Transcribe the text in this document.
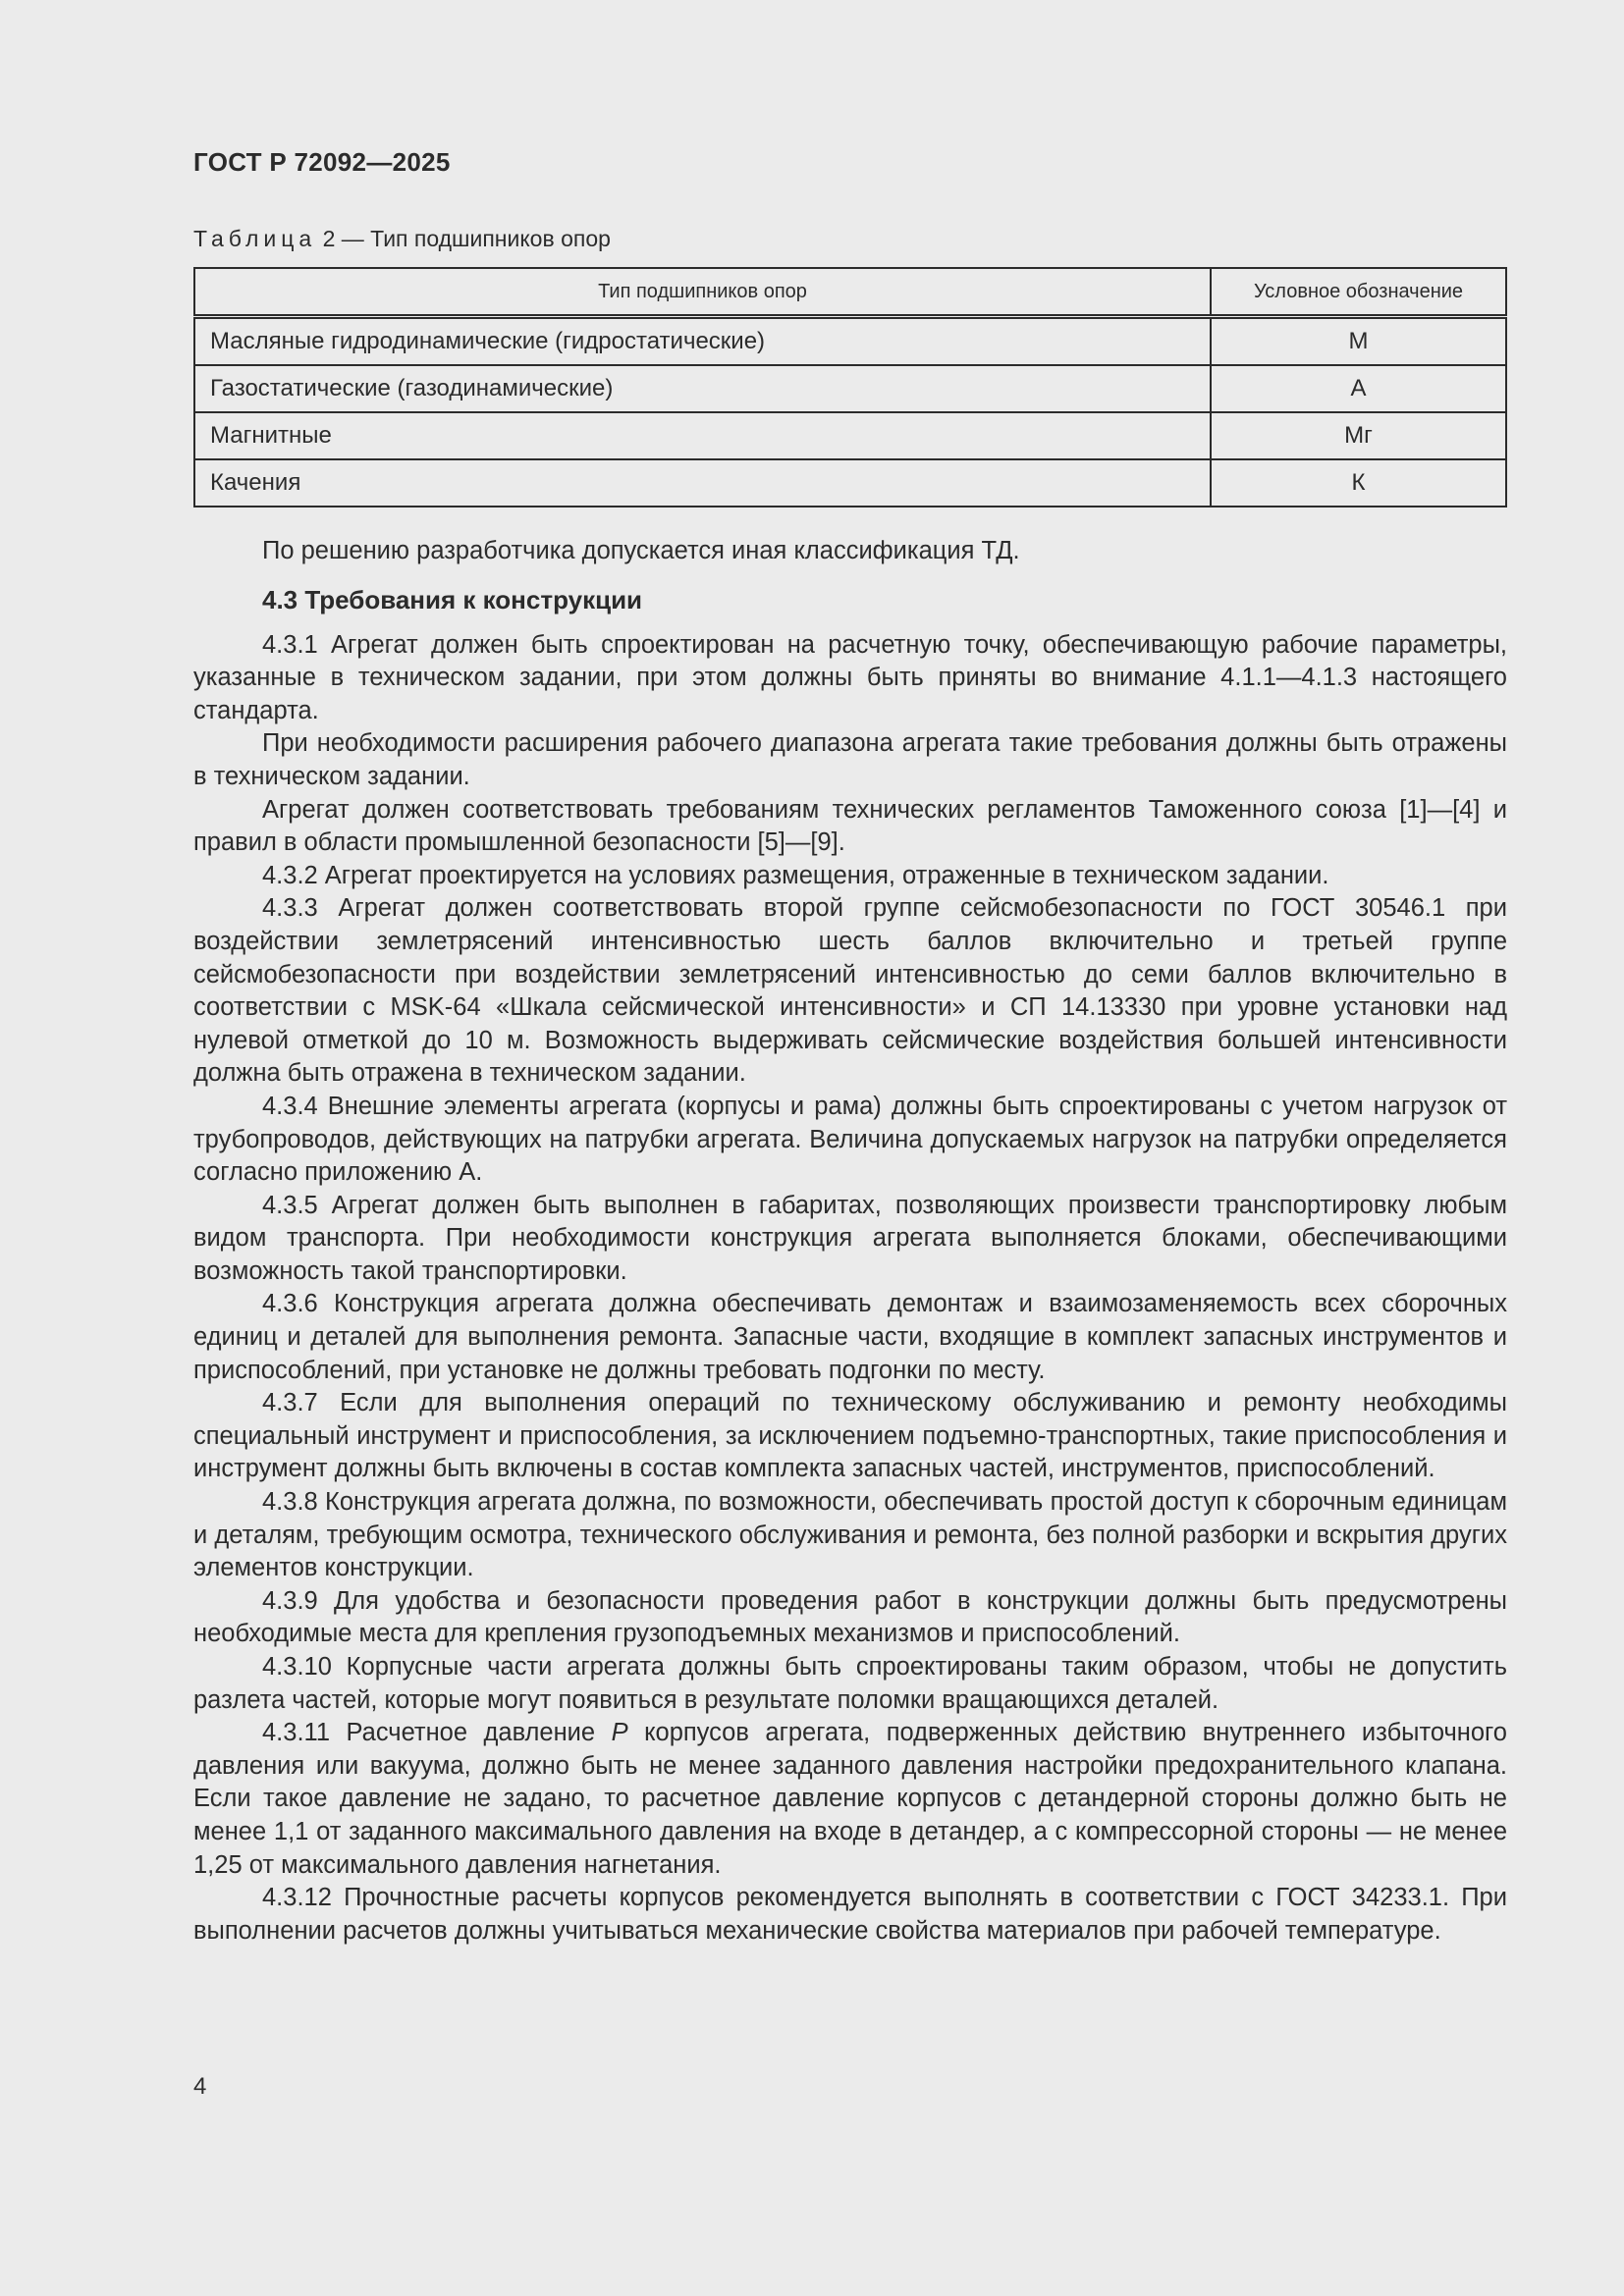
ГОСТ Р 72092—2025
Таблица 2 — Тип подшипников опор
Тип подшипников опор	Условное обозначение
Масляные гидродинамические (гидростатические)	М
Газостатические (газодинамические)	А
Магнитные	Мг
Качения	К

По решению разработчика допускается иная классификация ТД.

4.3 Требования к конструкции

4.3.1 Агрегат должен быть спроектирован на расчетную точку, обеспечивающую рабочие параметры, указанные в техническом задании, при этом должны быть приняты во внимание 4.1.1—4.1.3 настоящего стандарта.

При необходимости расширения рабочего диапазона агрегата такие требования должны быть отражены в техническом задании.

Агрегат должен соответствовать требованиям технических регламентов Таможенного союза [1]—[4] и правил в области промышленной безопасности [5]—[9].

4.3.2 Агрегат проектируется на условиях размещения, отраженные в техническом задании.

4.3.3 Агрегат должен соответствовать второй группе сейсмобезопасности по ГОСТ 30546.1 при воздействии землетрясений интенсивностью шесть баллов включительно и третьей группе сейсмобезопасности при воздействии землетрясений интенсивностью до семи баллов включительно в соответствии с MSK-64 «Шкала сейсмической интенсивности» и СП 14.13330 при уровне установки над нулевой отметкой до 10 м. Возможность выдерживать сейсмические воздействия большей интенсивности должна быть отражена в техническом задании.

4.3.4 Внешние элементы агрегата (корпусы и рама) должны быть спроектированы с учетом нагрузок от трубопроводов, действующих на патрубки агрегата. Величина допускаемых нагрузок на патрубки определяется согласно приложению А.

4.3.5 Агрегат должен быть выполнен в габаритах, позволяющих произвести транспортировку любым видом транспорта. При необходимости конструкция агрегата выполняется блоками, обеспечивающими возможность такой транспортировки.

4.3.6 Конструкция агрегата должна обеспечивать демонтаж и взаимозаменяемость всех сборочных единиц и деталей для выполнения ремонта. Запасные части, входящие в комплект запасных инструментов и приспособлений, при установке не должны требовать подгонки по месту.

4.3.7 Если для выполнения операций по техническому обслуживанию и ремонту необходимы специальный инструмент и приспособления, за исключением подъемно-транспортных, такие приспособления и инструмент должны быть включены в состав комплекта запасных частей, инструментов, приспособлений.

4.3.8 Конструкция агрегата должна, по возможности, обеспечивать простой доступ к сборочным единицам и деталям, требующим осмотра, технического обслуживания и ремонта, без полной разборки и вскрытия других элементов конструкции.

4.3.9 Для удобства и безопасности проведения работ в конструкции должны быть предусмотрены необходимые места для крепления грузоподъемных механизмов и приспособлений.

4.3.10 Корпусные части агрегата должны быть спроектированы таким образом, чтобы не допустить разлета частей, которые могут появиться в результате поломки вращающихся деталей.

4.3.11 Расчетное давление P корпусов агрегата, подверженных действию внутреннего избыточного давления или вакуума, должно быть не менее заданного давления настройки предохранительного клапана. Если такое давление не задано, то расчетное давление корпусов с детандерной стороны должно быть не менее 1,1 от заданного максимального давления на входе в детандер, а с компрессорной стороны — не менее 1,25 от максимального давления нагнетания.

4.3.12 Прочностные расчеты корпусов рекомендуется выполнять в соответствии с ГОСТ 34233.1. При выполнении расчетов должны учитываться механические свойства материалов при рабочей температуре.

4
